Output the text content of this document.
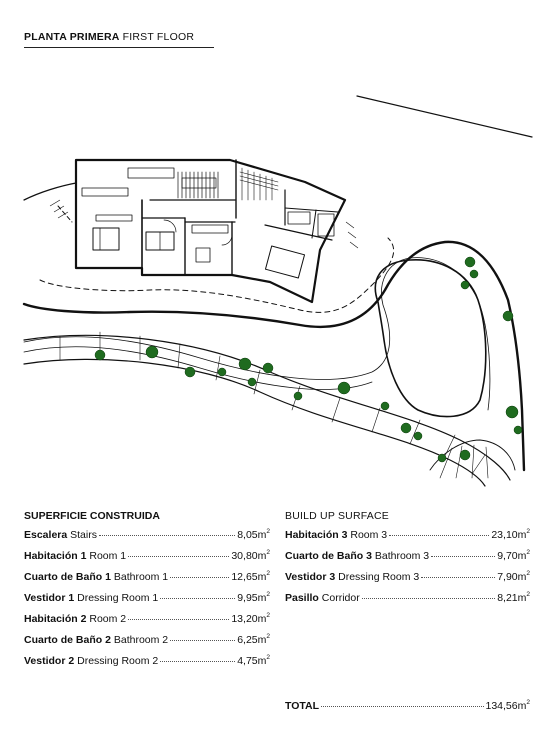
PLANTA PRIMERA FIRST FLOOR
SUPERFICIE CONSTRUIDA	BUILD UP SURFACE
Escalera Stairs	$8,05m^2$
Habitación 1 Room 1	$30,80m^2$
Cuarto de Baño 1 Bathroom 1	$12,65m^2$
Vestidor 1 Dressing Room 1	$9,95m^2$
Habitación 2 Room 2	$13,20m^2$
Cuarto de Baño 2 Bathroom 2	$6,25m^2$
Vestidor 2 Dressing Room 2	$4,75m^2$
Habitación 3 Room 3	$23,10m^2$
Cuarto de Baño 3 Bathroom 3	$9,70m^2$
Vestidor 3 Dressing Room 3	$7,90m^2$
Pasillo Corridor	$8,21m^2$
TOTAL	$134,56m^2$
